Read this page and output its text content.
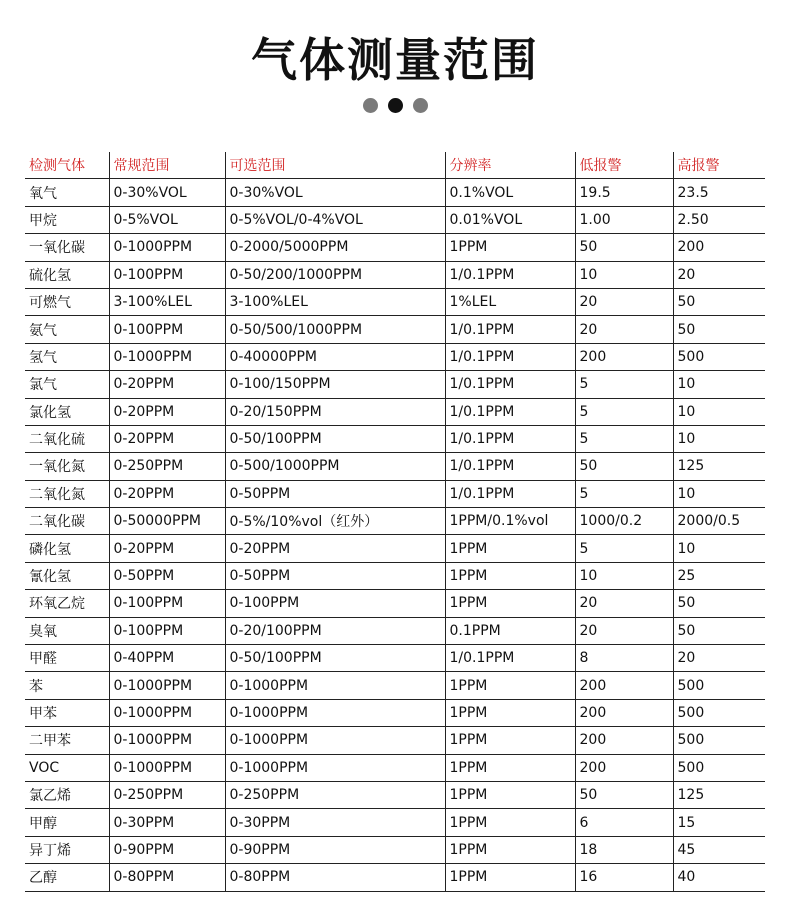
气体测量范围
检测气体	常规范围	可选范围	分辨率	低报警	高报警
氧气	0-30%VOL	0-30%VOL	0.1%VOL	19.5	23.5
甲烷	0-5%VOL	0-5%VOL/0-4%VOL	0.01%VOL	1.00	2.50
一氧化碳	0-1000PPM	0-2000/5000PPM	1PPM	50	200
硫化氢	0-100PPM	0-50/200/1000PPM	1/0.1PPM	10	20
可燃气	3-100%LEL	3-100%LEL	1%LEL	20	50
氨气	0-100PPM	0-50/500/1000PPM	1/0.1PPM	20	50
氢气	0-1000PPM	0-40000PPM	1/0.1PPM	200	500
氯气	0-20PPM	0-100/150PPM	1/0.1PPM	5	10
氯化氢	0-20PPM	0-20/150PPM	1/0.1PPM	5	10
二氧化硫	0-20PPM	0-50/100PPM	1/0.1PPM	5	10
一氧化氮	0-250PPM	0-500/1000PPM	1/0.1PPM	50	125
二氧化氮	0-20PPM	0-50PPM	1/0.1PPM	5	10
二氧化碳	0-50000PPM	0-5%/10%vol（红外）	1PPM/0.1%vol	1000/0.2	2000/0.5
磷化氢	0-20PPM	0-20PPM	1PPM	5	10
氰化氢	0-50PPM	0-50PPM	1PPM	10	25
环氧乙烷	0-100PPM	0-100PPM	1PPM	20	50
臭氧	0-100PPM	0-20/100PPM	0.1PPM	20	50
甲醛	0-40PPM	0-50/100PPM	1/0.1PPM	8	20
苯	0-1000PPM	0-1000PPM	1PPM	200	500
甲苯	0-1000PPM	0-1000PPM	1PPM	200	500
二甲苯	0-1000PPM	0-1000PPM	1PPM	200	500
VOC	0-1000PPM	0-1000PPM	1PPM	200	500
氯乙烯	0-250PPM	0-250PPM	1PPM	50	125
甲醇	0-30PPM	0-30PPM	1PPM	6	15
异丁烯	0-90PPM	0-90PPM	1PPM	18	45
乙醇	0-80PPM	0-80PPM	1PPM	16	40
